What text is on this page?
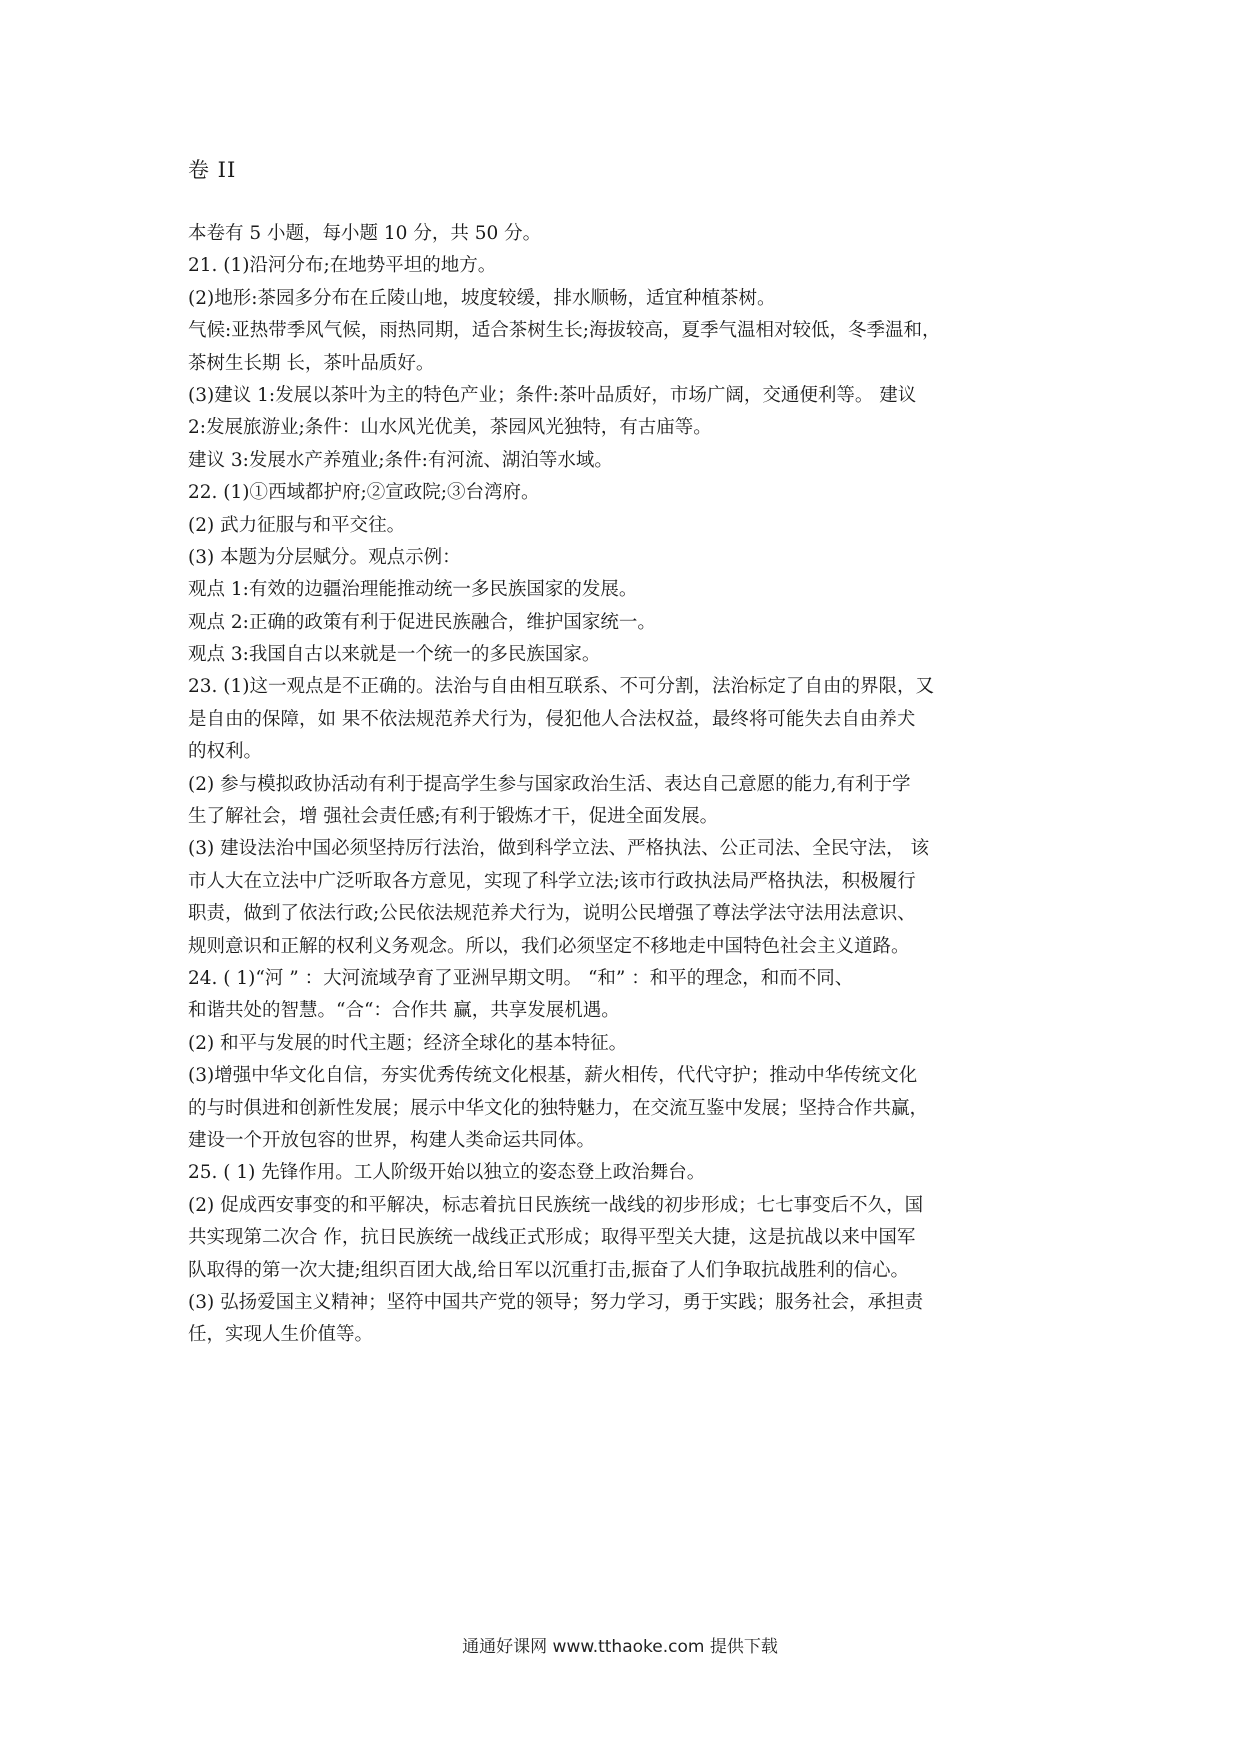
卷 II
本卷有 5 小题，每小题 10 分，共 50 分。
21. (1)沿河分布;在地势平坦的地方。
(2)地形:茶园多分布在丘陵山地，坡度较缓，排水顺畅，适宜种植茶树。
气候:亚热带季风气候，雨热同期，适合茶树生长;海拔较高，夏季气温相对较低，冬季温和，
茶树生长期 长，茶叶品质好。
(3)建议 1:发展以茶叶为主的特色产业；条件:茶叶品质好，市场广阔，交通便利等。 建议
2:发展旅游业;条件：山水风光优美，茶园风光独特，有古庙等。
建议 3:发展水产养殖业;条件:有河流、湖泊等水域。
22. (1)①西域都护府;②宣政院;③台湾府。
(2) 武力征服与和平交往。
(3) 本题为分层赋分。观点示例：
观点 1:有效的边疆治理能推动统一多民族国家的发展。
观点 2:正确的政策有利于促进民族融合，维护国家统一。
观点 3:我国自古以来就是一个统一的多民族国家。
23. (1)这一观点是不正确的。法治与自由相互联系、不可分割，法治标定了自由的界限，又
是自由的保障，如 果不依法规范养犬行为，侵犯他人合法权益，最终将可能失去自由养犬
的权利。
(2) 参与模拟政协活动有利于提高学生参与国家政治生活、表达自己意愿的能力,有利于学
生了解社会，增 强社会责任感;有利于锻炼才干，促进全面发展。
(3) 建设法治中国必须坚持厉行法治，做到科学立法、严格执法、公正司法、全民守法， 该
市人大在立法中广泛听取各方意见，实现了科学立法;该市行政执法局严格执法，积极履行
职责，做到了依法行政;公民依法规范养犬行为，说明公民增强了尊法学法守法用法意识、
规则意识和正解的权利义务观念。所以，我们必须坚定不移地走中国特色社会主义道路。
24. ( 1)“河 ” ：大河流域孕育了亚洲早期文明。 “和” ：和平的理念，和而不同、
和谐共处的智慧。“合“：合作共 赢，共享发展机遇。
(2) 和平与发展的时代主题；经济全球化的基本特征。
(3)增强中华文化自信，夯实优秀传统文化根基，薪火相传，代代守护；推动中华传统文化
的与时俱进和创新性发展；展示中华文化的独特魅力，在交流互鉴中发展；坚持合作共赢，
建设一个开放包容的世界，构建人类命运共同体。
25. ( 1) 先锋作用。工人阶级开始以独立的姿态登上政治舞台。
(2) 促成西安事变的和平解决，标志着抗日民族统一战线的初步形成；七七事变后不久，国
共实现第二次合 作，抗日民族统一战线正式形成；取得平型关大捷，这是抗战以来中国军
队取得的第一次大捷;组织百团大战,给日军以沉重打击,振奋了人们争取抗战胜利的信心。
(3) 弘扬爱国主义精神；坚符中国共产党的领导；努力学习，勇于实践；服务社会，承担责
任，实现人生价值等。
通通好课网 www.tthaoke.com 提供下载
